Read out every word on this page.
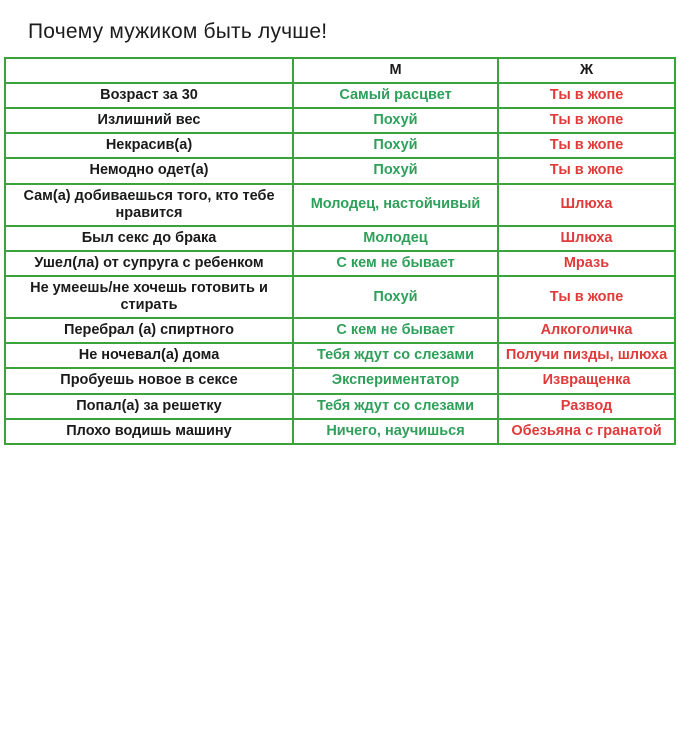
Почему мужиком быть лучше!
	М	Ж
Возраст за 30	Самый расцвет	Ты в жопе
Излишний вес	Похуй	Ты в жопе
Некрасив(а)	Похуй	Ты в жопе
Немодно одет(а)	Похуй	Ты в жопе
Сам(а) добиваешься того, кто тебе нравится	Молодец, настойчивый	Шлюха
Был секс до брака	Молодец	Шлюха
Ушел(ла) от супруга с ребенком	С кем не бывает	Мразь
Не умеешь/не хочешь готовить и стирать	Похуй	Ты в жопе
Перебрал (а) спиртного	С кем не бывает	Алкоголичка
Не ночевал(а) дома	Тебя ждут со слезами	Получи пизды, шлюха
Пробуешь новое в сексе	Экспериментатор	Извращенка
Попал(а) за решетку	Тебя ждут со слезами	Развод
Плохо водишь машину	Ничего, научишься	Обезьяна с гранатой
